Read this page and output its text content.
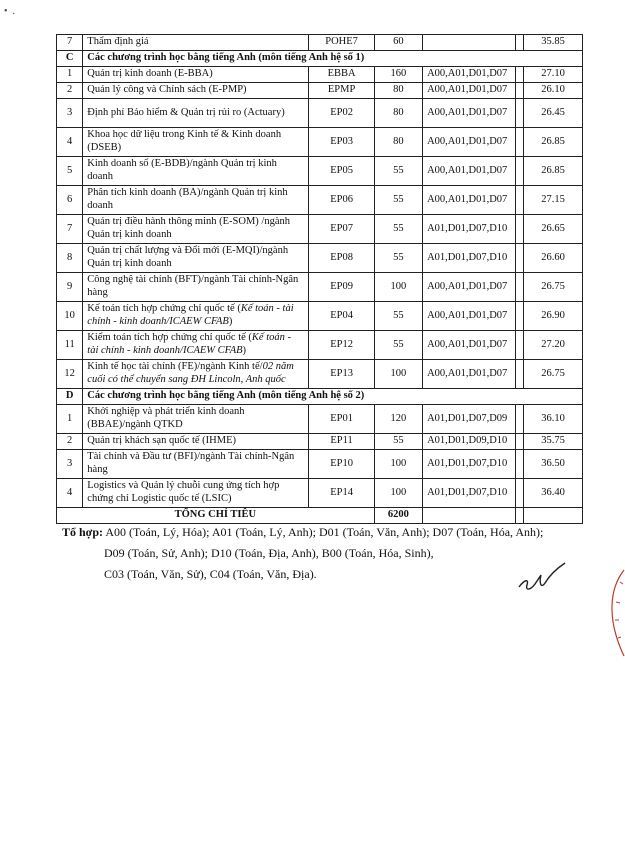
•  .
7	Thẩm định giá	POHE7	60			35.85
C	Các chương trình học bằng tiếng Anh (môn tiếng Anh hệ số 1)					
1	Quản trị kinh doanh (E-BBA)	EBBA	160	A00,A01,D01,D07		27.10
2	Quản lý công và Chính sách (E-PMP)	EPMP	80	A00,A01,D01,D07		26.10
3	Định phí Bảo hiểm & Quản trị rủi ro (Actuary)	EP02	80	A00,A01,D01,D07		26.45
4	Khoa học dữ liệu trong Kinh tế & Kinh doanh (DSEB)	EP03	80	A00,A01,D01,D07		26.85
5	Kinh doanh số (E-BDB)/ngành Quản trị kinh doanh	EP05	55	A00,A01,D01,D07		26.85
6	Phân tích kinh doanh (BA)/ngành Quản trị kinh doanh	EP06	55	A00,A01,D01,D07		27.15
7	Quản trị điều hành thông minh (E-SOM) /ngành Quản trị kinh doanh	EP07	55	A01,D01,D07,D10		26.65
8	Quản trị chất lượng và Đổi mới (E-MQI)/ngành Quản trị kinh doanh	EP08	55	A01,D01,D07,D10		26.60
9	Công nghệ tài chính (BFT)/ngành Tài chính-Ngân hàng	EP09	100	A00,A01,D01,D07		26.75
10	Kế toán tích hợp chứng chỉ quốc tế (Kế toán - tài chính - kinh doanh/ICAEW CFAB)	EP04	55	A00,A01,D01,D07		26.90
11	Kiểm toán tích hợp chứng chỉ quốc tế (Kế toán - tài chính - kinh doanh/ICAEW CFAB)	EP12	55	A00,A01,D01,D07		27.20
12	Kinh tế học tài chính (FE)/ngành Kinh tế/02 năm cuối có thể chuyển sang ĐH Lincoln, Anh quốc	EP13	100	A00,A01,D01,D07		26.75
D	Các chương trình học bằng tiếng Anh (môn tiếng Anh hệ số 2)					
1	Khởi nghiệp và phát triển kinh doanh (BBAE)/ngành QTKD	EP01	120	A01,D01,D07,D09		36.10
2	Quản trị khách sạn quốc tế (IHME)	EP11	55	A01,D01,D09,D10		35.75
3	Tài chính và Đầu tư (BFI)/ngành Tài chính-Ngân hàng	EP10	100	A01,D01,D07,D10		36.50
4	Logistics và Quản lý chuỗi cung ứng tích hợp chứng chỉ Logistic quốc tế (LSIC)	EP14	100	A01,D01,D07,D10		36.40
TỔNG CHỈ TIÊU			6200			
Tổ hợp: A00 (Toán, Lý, Hóa); A01 (Toán, Lý, Anh); D01 (Toán, Văn, Anh); D07 (Toán, Hóa, Anh);
D09 (Toán, Sử, Anh); D10 (Toán, Địa, Anh), B00 (Toán, Hóa, Sinh),
C03 (Toán, Văn, Sử), C04 (Toán, Văn, Địa).
